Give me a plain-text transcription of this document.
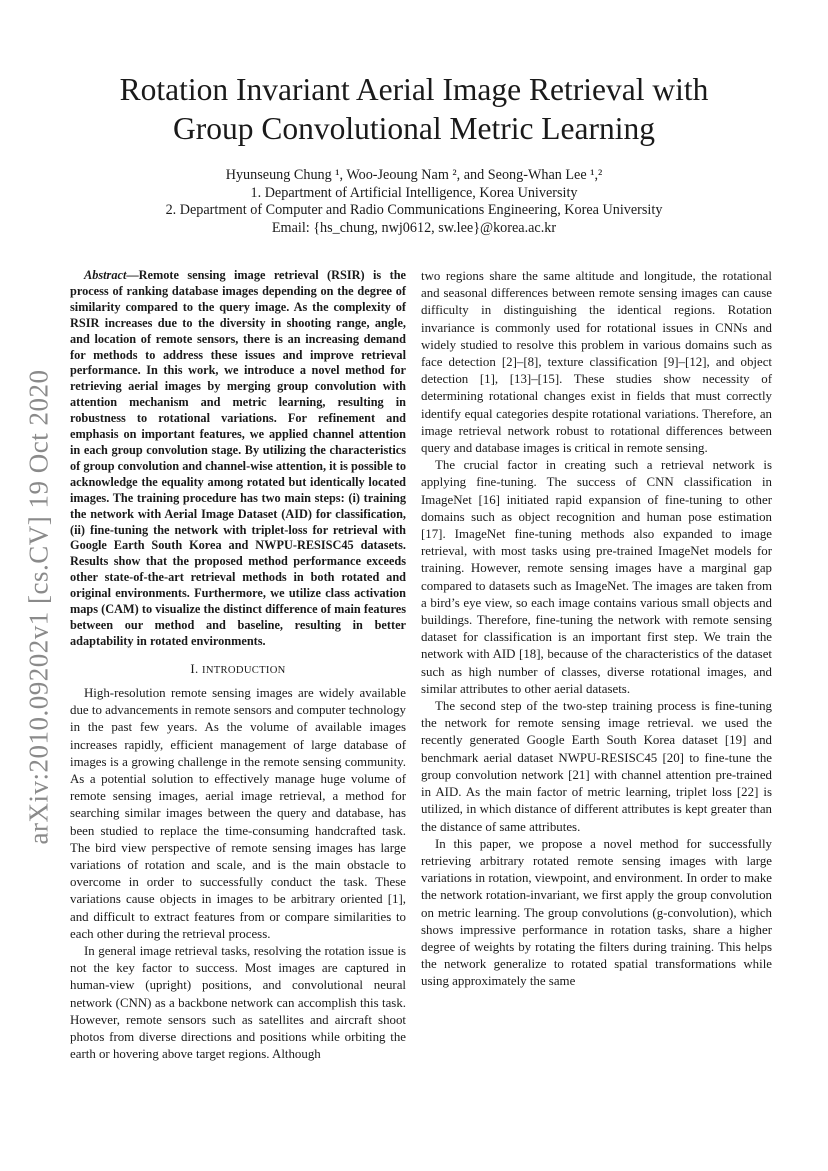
arXiv:2010.09202v1 [cs.CV] 19 Oct 2020
Rotation Invariant Aerial Image Retrieval with
Group Convolutional Metric Learning
Hyunseung Chung ¹, Woo-Jeoung Nam ², and Seong-Whan Lee ¹,²
1. Department of Artificial Intelligence, Korea University
2. Department of Computer and Radio Communications Engineering, Korea University
Email: {hs_chung, nwj0612, sw.lee}@korea.ac.kr

Abstract—Remote sensing image retrieval (RSIR) is the process of ranking database images depending on the degree of similarity compared to the query image. As the complexity of RSIR increases due to the diversity in shooting range, angle, and location of remote sensors, there is an increasing demand for methods to address these issues and improve retrieval performance. In this work, we introduce a novel method for retrieving aerial images by merging group convolution with attention mechanism and metric learning, resulting in robustness to rotational variations. For refinement and emphasis on important features, we applied channel attention in each group convolution stage. By utilizing the characteristics of group convolution and channel-wise attention, it is possible to acknowledge the equality among rotated but identically located images. The training procedure has two main steps: (i) training the network with Aerial Image Dataset (AID) for classification, (ii) fine-tuning the network with triplet-loss for retrieval with Google Earth South Korea and NWPU-RESISC45 datasets. Results show that the proposed method performance exceeds other state-of-the-art retrieval methods in both rotated and original environments. Furthermore, we utilize class activation maps (CAM) to visualize the distinct difference of main features between our method and baseline, resulting in better adaptability in rotated environments.

I. INTRODUCTION

High-resolution remote sensing images are widely available due to advancements in remote sensors and computer technology in the past few years. As the volume of available images increases rapidly, efficient management of large database of images is a growing challenge in the remote sensing community. As a potential solution to effectively manage huge volume of remote sensing images, aerial image retrieval, a method for searching similar images between the query and database, has been studied to replace the time-consuming handcrafted task. The bird view perspective of remote sensing images has large variations of rotation and scale, and is the main obstacle to overcome in order to successfully conduct the task. These variations cause objects in images to be arbitrary oriented [1], and difficult to extract features from or compare similarities to each other during the retrieval process.

In general image retrieval tasks, resolving the rotation issue is not the key factor to success. Most images are captured in human-view (upright) positions, and convolutional neural network (CNN) as a backbone network can accomplish this task. However, remote sensors such as satellites and aircraft shoot photos from diverse directions and positions while orbiting the earth or hovering above target regions. Although

two regions share the same altitude and longitude, the rotational and seasonal differences between remote sensing images can cause difficulty in distinguishing the identical regions. Rotation invariance is commonly used for rotational issues in CNNs and widely studied to resolve this problem in various domains such as face detection [2]–[8], texture classification [9]–[12], and object detection [1], [13]–[15]. These studies show necessity of determining rotational changes exist in fields that must correctly identify equal categories despite rotational variations. Therefore, an image retrieval network robust to rotational differences between query and database images is critical in remote sensing.

The crucial factor in creating such a retrieval network is applying fine-tuning. The success of CNN classification in ImageNet [16] initiated rapid expansion of fine-tuning to other domains such as object recognition and human pose estimation [17]. ImageNet fine-tuning methods also expanded to image retrieval, with most tasks using pre-trained ImageNet models for training. However, remote sensing images have a marginal gap compared to datasets such as ImageNet. The images are taken from a bird’s eye view, so each image contains various small objects and buildings. Therefore, fine-tuning the network with remote sensing dataset for classification is an important first step. We train the network with AID [18], because of the characteristics of the dataset such as high number of classes, diverse rotational images, and similar attributes to other aerial datasets.

The second step of the two-step training process is fine-tuning the network for remote sensing image retrieval. we used the recently generated Google Earth South Korea dataset [19] and benchmark aerial dataset NWPU-RESISC45 [20] to fine-tune the group convolution network [21] with channel attention pre-trained in AID. As the main factor of metric learning, triplet loss [22] is utilized, in which distance of different attributes is kept greater than the distance of same attributes.

In this paper, we propose a novel method for successfully retrieving arbitrary rotated remote sensing images with large variations in rotation, viewpoint, and environment. In order to make the network rotation-invariant, we first apply the group convolution on metric learning. The group convolutions (g-convolution), which shows impressive performance in rotation tasks, share a higher degree of weights by rotating the filters during training. This helps the network generalize to rotated spatial transformations while using approximately the same
